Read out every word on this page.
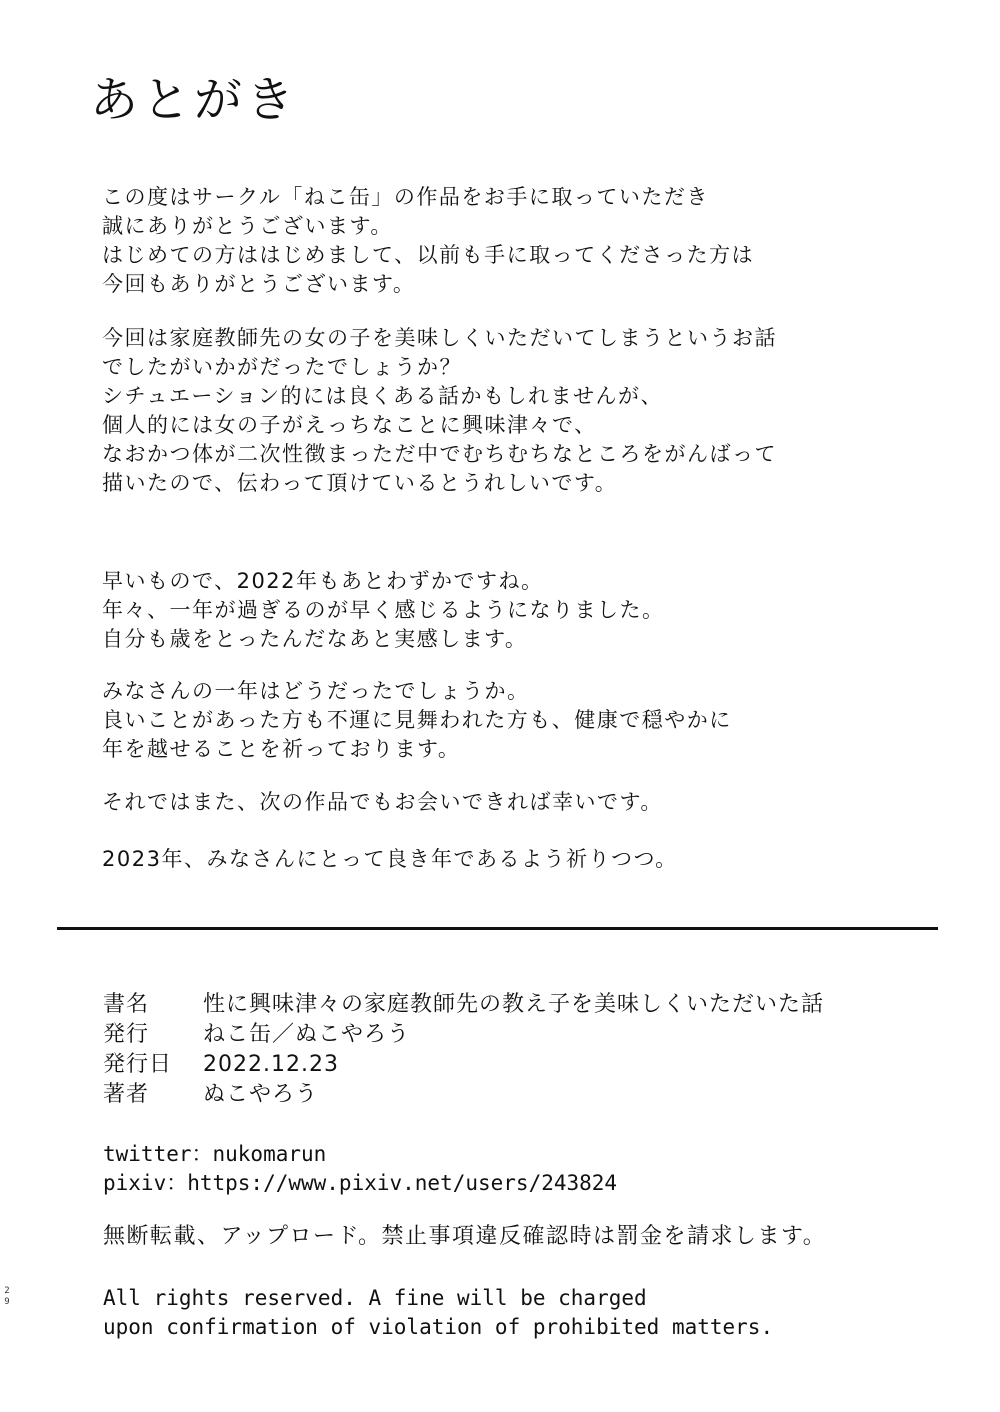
あとがき
この度はサークル「ねこ缶」の作品をお手に取っていただき
誠にありがとうございます。
はじめての方ははじめまして、以前も手に取ってくださった方は
今回もありがとうございます。
今回は家庭教師先の女の子を美味しくいただいてしまうというお話
でしたがいかがだったでしょうか？
シチュエーション的には良くある話かもしれませんが、
個人的には女の子がえっちなことに興味津々で、
なおかつ体が二次性徴まっただ中でむちむちなところをがんばって
描いたので、伝わって頂けているとうれしいです。
早いもので、2022年もあとわずかですね。
年々、一年が過ぎるのが早く感じるようになりました。
自分も歳をとったんだなあと実感します。
みなさんの一年はどうだったでしょうか。
良いことがあった方も不運に見舞われた方も、健康で穏やかに
年を越せることを祈っております。
それではまた、次の作品でもお会いできれば幸いです。
2023年、みなさんにとって良き年であるよう祈りつつ。
書名 性に興味津々の家庭教師先の教え子を美味しくいただいた話
発行 ねこ缶／ぬこやろう
発行日 2022.12.23
著者 ぬこやろう
twitter：nukomarun
pixiv：https://www.pixiv.net/users/243824
無断転載、アップロード。禁止事項違反確認時は罰金を請求します。
All rights reserved. A fine will be charged
upon confirmation of violation of prohibited matters.
2
9
